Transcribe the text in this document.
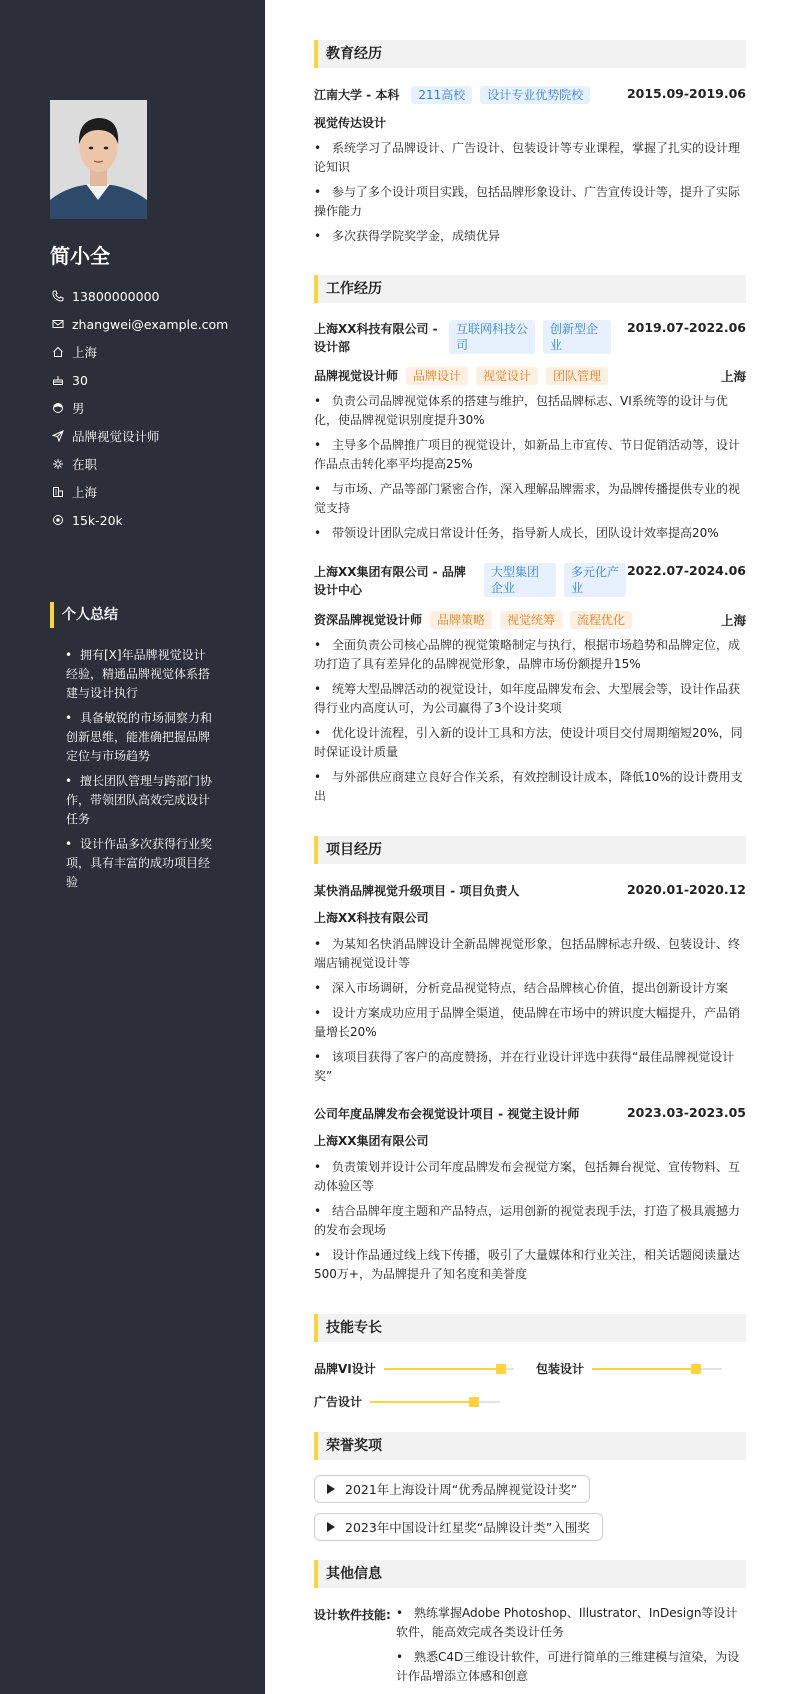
简小全
13800000000
zhangwei@example.com
上海
30
男
品牌视觉设计师
在职
上海
15k-20k
个人总结
• 拥有[X]年品牌视觉设计经验，精通品牌视觉体系搭建与设计执行
• 具备敏锐的市场洞察力和创新思维，能准确把握品牌定位与市场趋势
• 擅长团队管理与跨部门协作，带领团队高效完成设计任务
• 设计作品多次获得行业奖项，具有丰富的成功项目经验
教育经历
江南大学 - 本科	211高校	设计专业优势院校	2015.09-2019.06
视觉传达设计
• 系统学习了品牌设计、广告设计、包装设计等专业课程，掌握了扎实的设计理论知识
• 参与了多个设计项目实践，包括品牌形象设计、广告宣传设计等，提升了实际操作能力
• 多次获得学院奖学金，成绩优异
工作经历
上海XX科技有限公司 - 设计部
互联网科技公司
创新型企业
2019.07-2022.06
品牌视觉设计师	品牌设计	视觉设计	团队管理	上海
• 负责公司品牌视觉体系的搭建与维护，包括品牌标志、VI系统等的设计与优化，使品牌视觉识别度提升30%
• 主导多个品牌推广项目的视觉设计，如新品上市宣传、节日促销活动等，设计作品点击转化率平均提高25%
• 与市场、产品等部门紧密合作，深入理解品牌需求，为品牌传播提供专业的视觉支持
• 带领设计团队完成日常设计任务，指导新人成长，团队设计效率提高20%
上海XX集团有限公司 - 品牌设计中心
大型集团企业
多元化产业
2022.07-2024.06
资深品牌视觉设计师	品牌策略	视觉统筹	流程优化	上海
• 全面负责公司核心品牌的视觉策略制定与执行，根据市场趋势和品牌定位，成功打造了具有差异化的品牌视觉形象，品牌市场份额提升15%
• 统筹大型品牌活动的视觉设计，如年度品牌发布会、大型展会等，设计作品获得行业内高度认可，为公司赢得了3个设计奖项
• 优化设计流程，引入新的设计工具和方法，使设计项目交付周期缩短20%，同时保证设计质量
• 与外部供应商建立良好合作关系，有效控制设计成本，降低10%的设计费用支出
项目经历
某快消品牌视觉升级项目 - 项目负责人	2020.01-2020.12
上海XX科技有限公司
• 为某知名快消品牌设计全新品牌视觉形象，包括品牌标志升级、包装设计、终端店铺视觉设计等
• 深入市场调研，分析竞品视觉特点，结合品牌核心价值，提出创新设计方案
• 设计方案成功应用于品牌全渠道，使品牌在市场中的辨识度大幅提升，产品销量增长20%
• 该项目获得了客户的高度赞扬，并在行业设计评选中获得“最佳品牌视觉设计奖”
公司年度品牌发布会视觉设计项目 - 视觉主设计师	2023.03-2023.05
上海XX集团有限公司
• 负责策划并设计公司年度品牌发布会视觉方案，包括舞台视觉、宣传物料、互动体验区等
• 结合品牌年度主题和产品特点，运用创新的视觉表现手法，打造了极具震撼力的发布会现场
• 设计作品通过线上线下传播，吸引了大量媒体和行业关注，相关话题阅读量达500万+，为品牌提升了知名度和美誉度
技能专长
品牌VI设计	包装设计
广告设计
荣誉奖项
2021年上海设计周“优秀品牌视觉设计奖”
2023年中国设计红星奖“品牌设计类”入围奖
其他信息
设计软件技能:
•	熟练掌握Adobe Photoshop、Illustrator、InDesign等设计软件，能高效完成各类设计任务
• 熟悉C4D三维设计软件，可进行简单的三维建模与渲染，为设计作品增添立体感和创意
